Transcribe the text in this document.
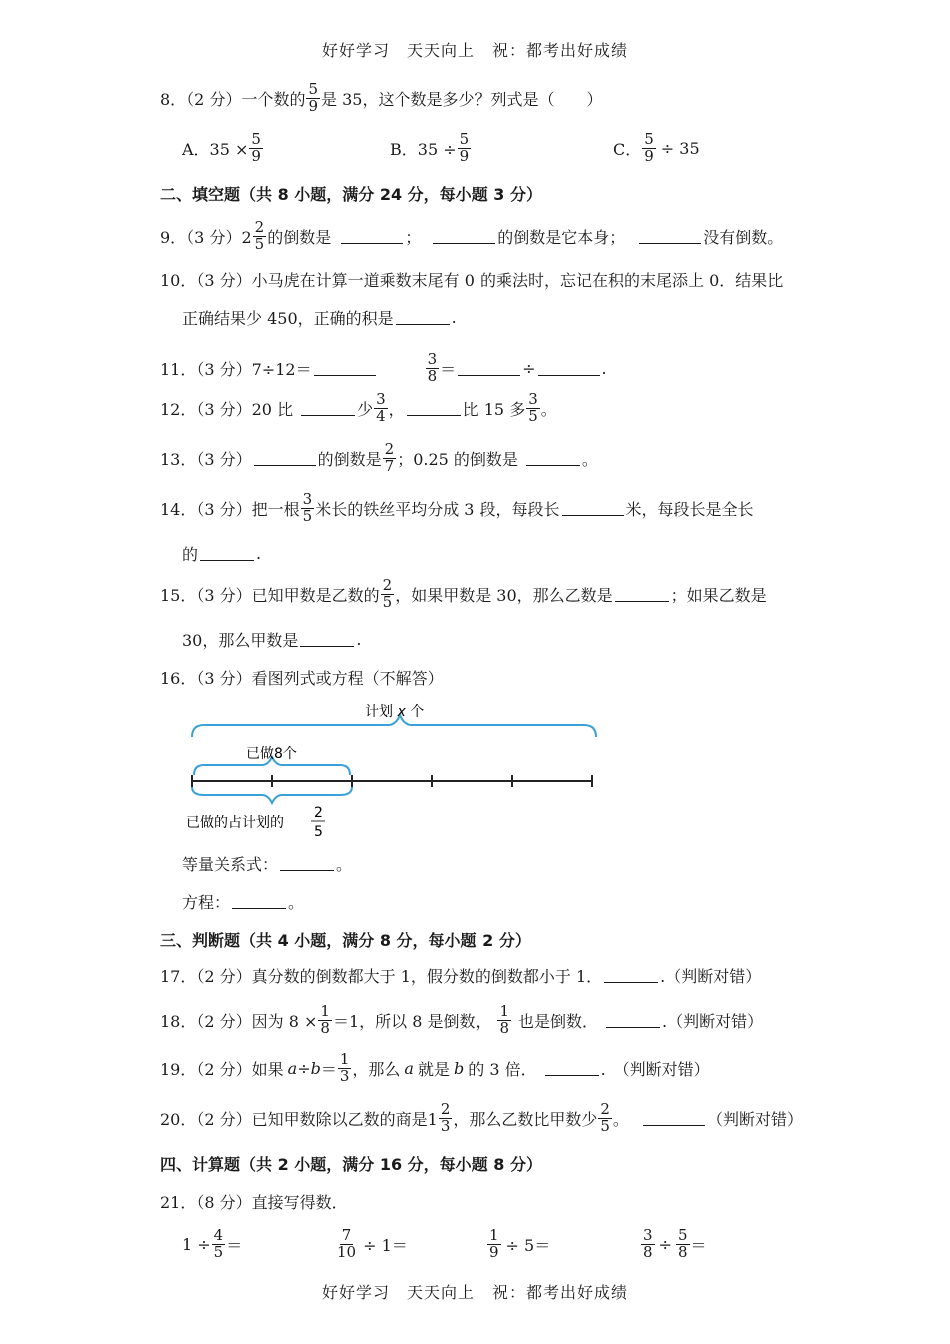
好好学习　天天向上　祝：都考出好成绩
8．（2 分）一个数的 $\frac{5}{9}$ 是 35，这个数是多少？列式是（　　）
A．$35 \times \frac{5}{9}$	B．$35 \div \frac{5}{9}$	C． $\frac{5}{9} \div 35$
二、填空题（共 8 小题，满分 24 分，每小题 3 分）
9．（3 分）$2 \frac{2}{5}$ 的倒数是	；	的倒数是它本身；	没有倒数。
10．（3 分）小马虎在计算一道乘数末尾有 0 的乘法时，忘记在积的末尾添上 0．结果比
正确结果少 450，正确的积是	.
11．（3 分）7÷12＝	$\frac{3}{8}$ ＝	÷	.
12．（3 分）20 比	少 $\frac{3}{4}$ ，	比 15 多 $\frac{3}{5}$ 。
13．（3 分）	的倒数是 $\frac{2}{7}$ ；0.25 的倒数是	。
14．（3 分）把一根 $\frac{3}{5}$ 米长的铁丝平均分成 3 段，每段长	米，每段长是全长
的	.
15．（3 分）已知甲数是乙数的 $\frac{2}{5}$ ，如果甲数是 30，那么乙数是	；如果乙数是
30，那么甲数是	.
16．（3 分）看图列式或方程（不解答）
计划 x 个
已做8个
已做的占计划的
2
5
等量关系式：	。
方程：	。
三、判断题（共 4 小题，满分 8 分，每小题 2 分）
17．（2 分）真分数的倒数都大于 1，假分数的倒数都小于 1．	.（判断对错）
18．（2 分）因为 $8 \times \frac{1}{8} =1$，所以 8 是倒数， $\frac{1}{8}$ 也是倒数．	.（判断对错）
19．（2 分）如果 $a \div b = \frac{1}{3}$ ，那么 a 就是 b 的 3 倍．	.　（判断对错）
20．（2 分）已知甲数除以乙数的商是$1 \frac{2}{3}$ ，那么乙数比甲数少 $\frac{2}{5}$ 。	（判断对错）
四、计算题（共 2 小题，满分 16 分，每小题 8 分）
21．（8 分）直接写得数．
$1 \div \frac{4}{5}$ ＝	$\frac{7}{10} \div 1=$	$\frac{1}{9} \div 5=$	$\frac{3}{8} \div \frac{5}{8}$ ＝
好好学习　天天向上　祝：都考出好成绩
